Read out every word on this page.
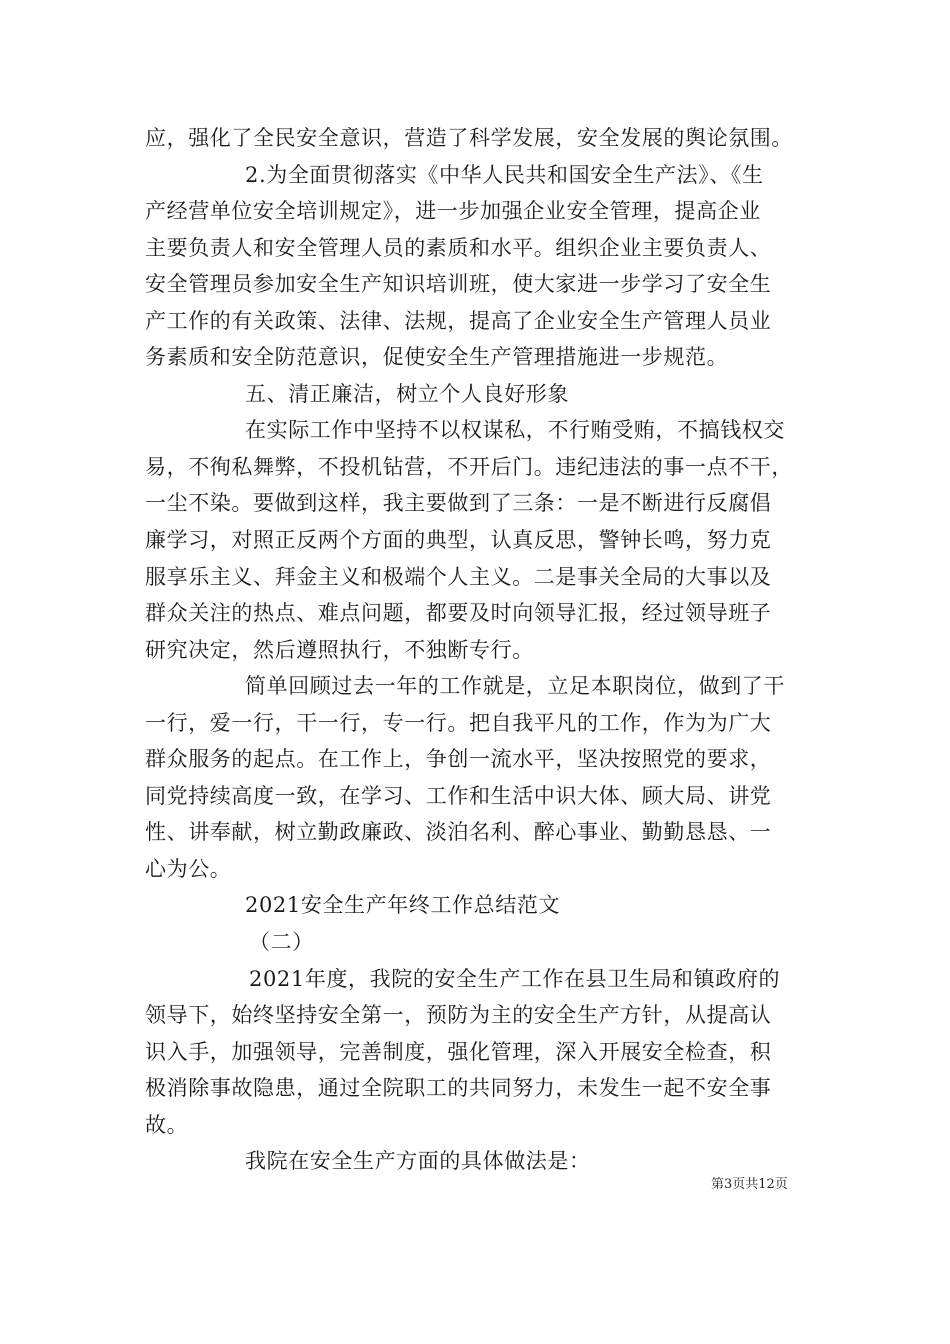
应，强化了全民安全意识，营造了科学发展，安全发展的舆论氛围。
2.为全面贯彻落实《中华人民共和国安全生产法》、《生
产经营单位安全培训规定》，进一步加强企业安全管理，提高企业
主要负责人和安全管理人员的素质和水平。组织企业主要负责人、
安全管理员参加安全生产知识培训班，使大家进一步学习了安全生
产工作的有关政策、法律、法规，提高了企业安全生产管理人员业
务素质和安全防范意识，促使安全生产管理措施进一步规范。
五、清正廉洁，树立个人良好形象
在实际工作中坚持不以权谋私，不行贿受贿，不搞钱权交
易，不徇私舞弊，不投机钻营，不开后门。违纪违法的事一点不干，
一尘不染。要做到这样，我主要做到了三条：一是不断进行反腐倡
廉学习，对照正反两个方面的典型，认真反思，警钟长鸣，努力克
服享乐主义、拜金主义和极端个人主义。二是事关全局的大事以及
群众关注的热点、难点问题，都要及时向领导汇报，经过领导班子
研究决定，然后遵照执行，不独断专行。
简单回顾过去一年的工作就是，立足本职岗位，做到了干
一行，爱一行，干一行，专一行。把自我平凡的工作，作为为广大
群众服务的起点。在工作上，争创一流水平，坚决按照党的要求，
同党持续高度一致，在学习、工作和生活中识大体、顾大局、讲党
性、讲奉献，树立勤政廉政、淡泊名利、醉心事业、勤勤恳恳、一
心为公。
2021安全生产年终工作总结范文
（二）
2021年度，我院的安全生产工作在县卫生局和镇政府的
领导下，始终坚持安全第一，预防为主的安全生产方针，从提高认
识入手，加强领导，完善制度，强化管理，深入开展安全检查，积
极消除事故隐患，通过全院职工的共同努力，未发生一起不安全事
故。
我院在安全生产方面的具体做法是：
第3页共12页
